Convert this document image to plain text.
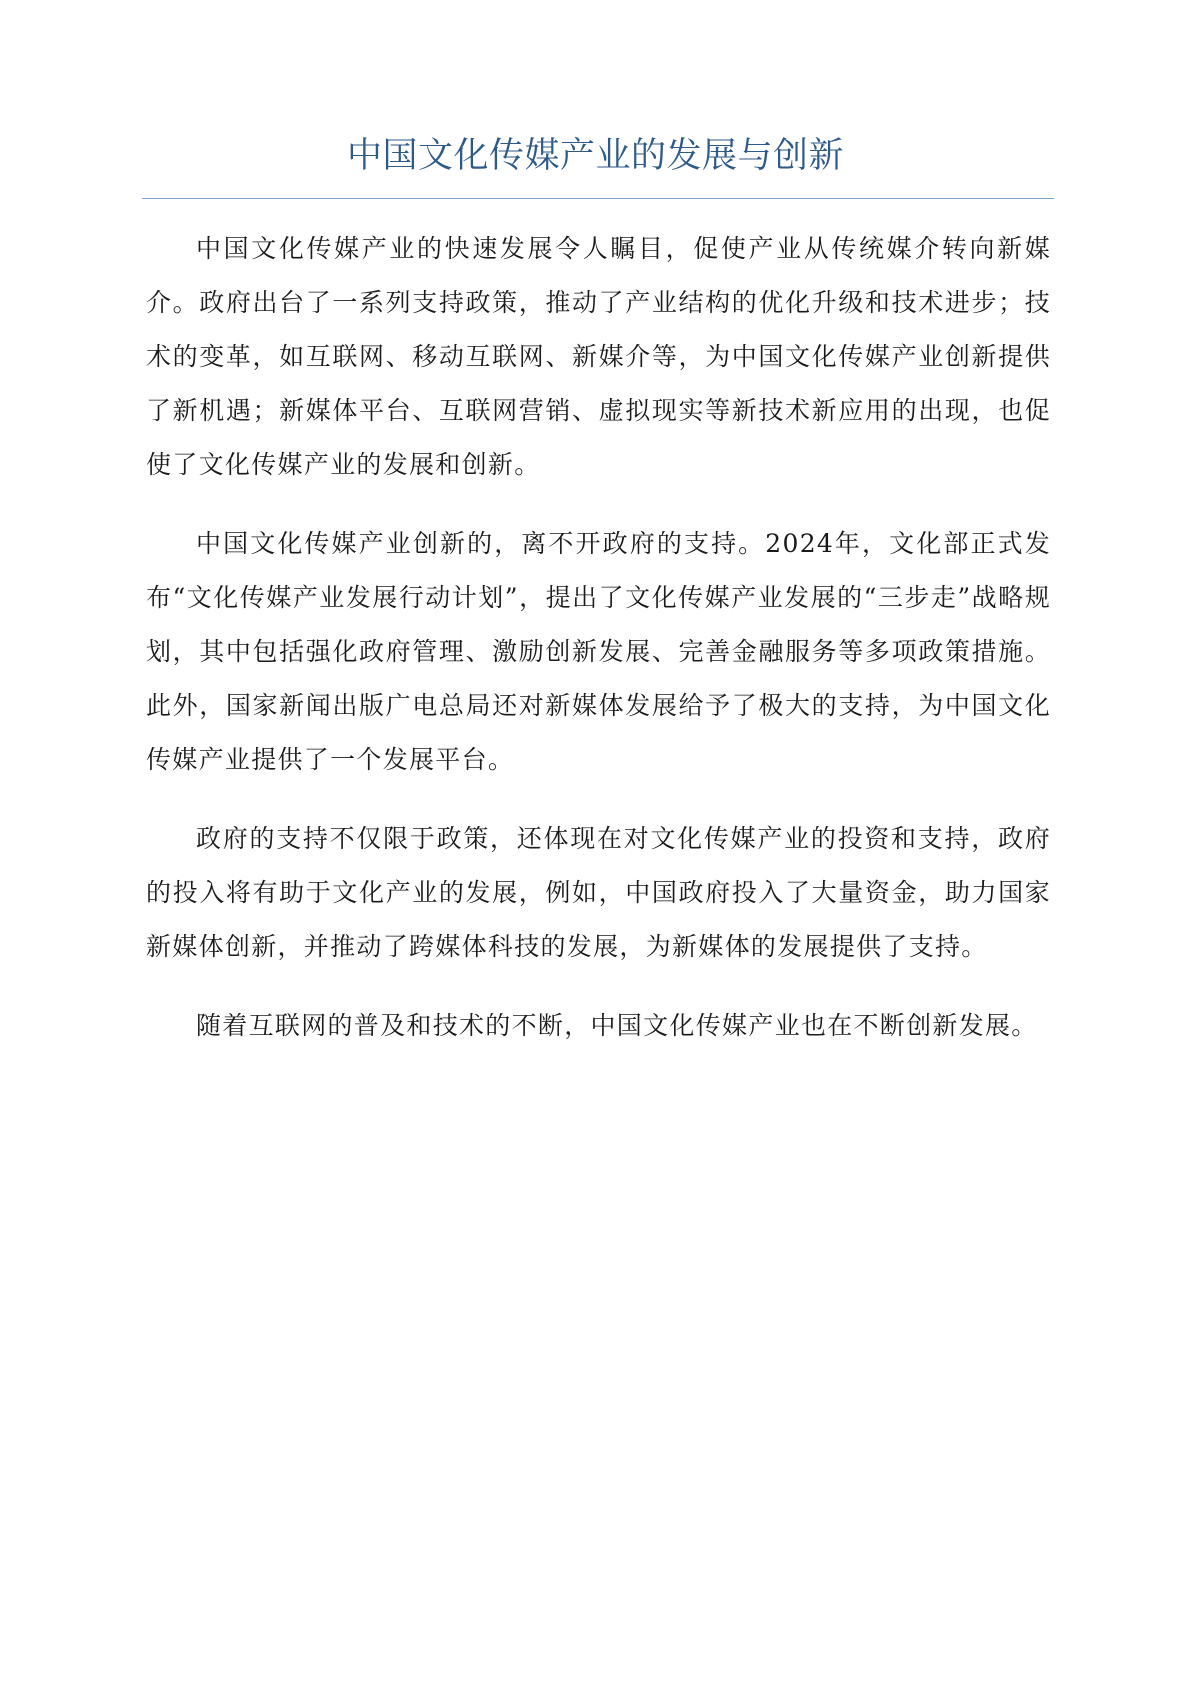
中国文化传媒产业的发展与创新

中国文化传媒产业的快速发展令人瞩目，促使产业从传统媒介转向新媒介。政府出台了一系列支持政策，推动了产业结构的优化升级和技术进步；技术的变革，如互联网、移动互联网、新媒介等，为中国文化传媒产业创新提供了新机遇；新媒体平台、互联网营销、虚拟现实等新技术新应用的出现，也促使了文化传媒产业的发展和创新。

中国文化传媒产业创新的，离不开政府的支持。2024年，文化部正式发布“文化传媒产业发展行动计划”，提出了文化传媒产业发展的“三步走”战略规划，其中包括强化政府管理、激励创新发展、完善金融服务等多项政策措施。此外，国家新闻出版广电总局还对新媒体发展给予了极大的支持，为中国文化传媒产业提供了一个发展平台。

政府的支持不仅限于政策，还体现在对文化传媒产业的投资和支持，政府的投入将有助于文化产业的发展，例如，中国政府投入了大量资金，助力国家新媒体创新，并推动了跨媒体科技的发展，为新媒体的发展提供了支持。

随着互联网的普及和技术的不断，中国文化传媒产业也在不断创新发展。
